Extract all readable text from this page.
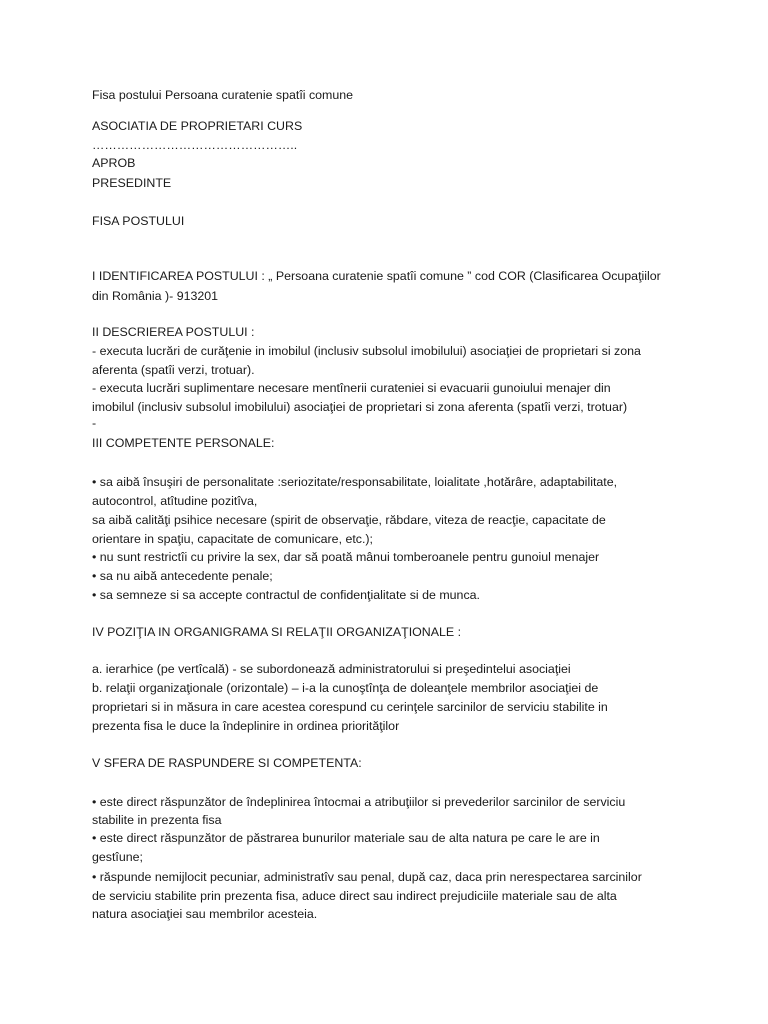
Fisa postului Persoana curatenie spatîi comune
ASOCIATIA DE PROPRIETARI CURS
…………………………………………..
APROB
PRESEDINTE
FISA POSTULUI
I IDENTIFICAREA POSTULUI : „ Persoana curatenie spatîi comune ” cod COR (Clasificarea Ocupaţiilor
din România )- 913201
II DESCRIEREA POSTULUI :
- executa lucrări de curăţenie in imobilul (inclusiv subsolul imobilului) asociaţiei de proprietari si zona
aferenta (spatîi verzi, trotuar).
- executa lucrări suplimentare necesare mentînerii curateniei si evacuarii gunoiului menajer din
imobilul (inclusiv subsolul imobilului) asociaţiei de proprietari si zona aferenta (spatîi verzi, trotuar)
-
III COMPETENTE PERSONALE:
• sa aibă însuşiri de personalitate :seriozitate/responsabilitate, loialitate ,hotărâre, adaptabilitate,
autocontrol, atîtudine pozitîva,
sa aibă calităţi psihice necesare (spirit de observaţie, răbdare, viteza de reacţie, capacitate de
orientare in spaţiu, capacitate de comunicare, etc.);
• nu sunt restrictîi cu privire la sex, dar să poată mânui tomberoanele pentru gunoiul menajer
• sa nu aibă antecedente penale;
• sa semneze si sa accepte contractul de confidenţialitate si de munca.
IV POZIŢIA IN ORGANIGRAMA SI RELAŢII ORGANIZAŢIONALE :
a. ierarhice (pe vertîcală) - se subordonează administratorului si preşedintelui asociaţiei
b. relaţii organizaţionale (orizontale) – i-a la cunoştînţa de doleanţele membrilor asociaţiei de
proprietari si in măsura in care acestea corespund cu cerinţele sarcinilor de serviciu stabilite in
prezenta fisa le duce la îndeplinire in ordinea priorităţilor
V SFERA DE RASPUNDERE SI COMPETENTA:
• este direct răspunzător de îndeplinirea întocmai a atribuţiilor si prevederilor sarcinilor de serviciu
stabilite in prezenta fisa
• este direct răspunzător de păstrarea bunurilor materiale sau de alta natura pe care le are in
gestîune;
• răspunde nemijlocit pecuniar, administratîv sau penal, după caz, daca prin nerespectarea sarcinilor
de serviciu stabilite prin prezenta fisa, aduce direct sau indirect prejudiciile materiale sau de alta
natura asociaţiei sau membrilor acesteia.
